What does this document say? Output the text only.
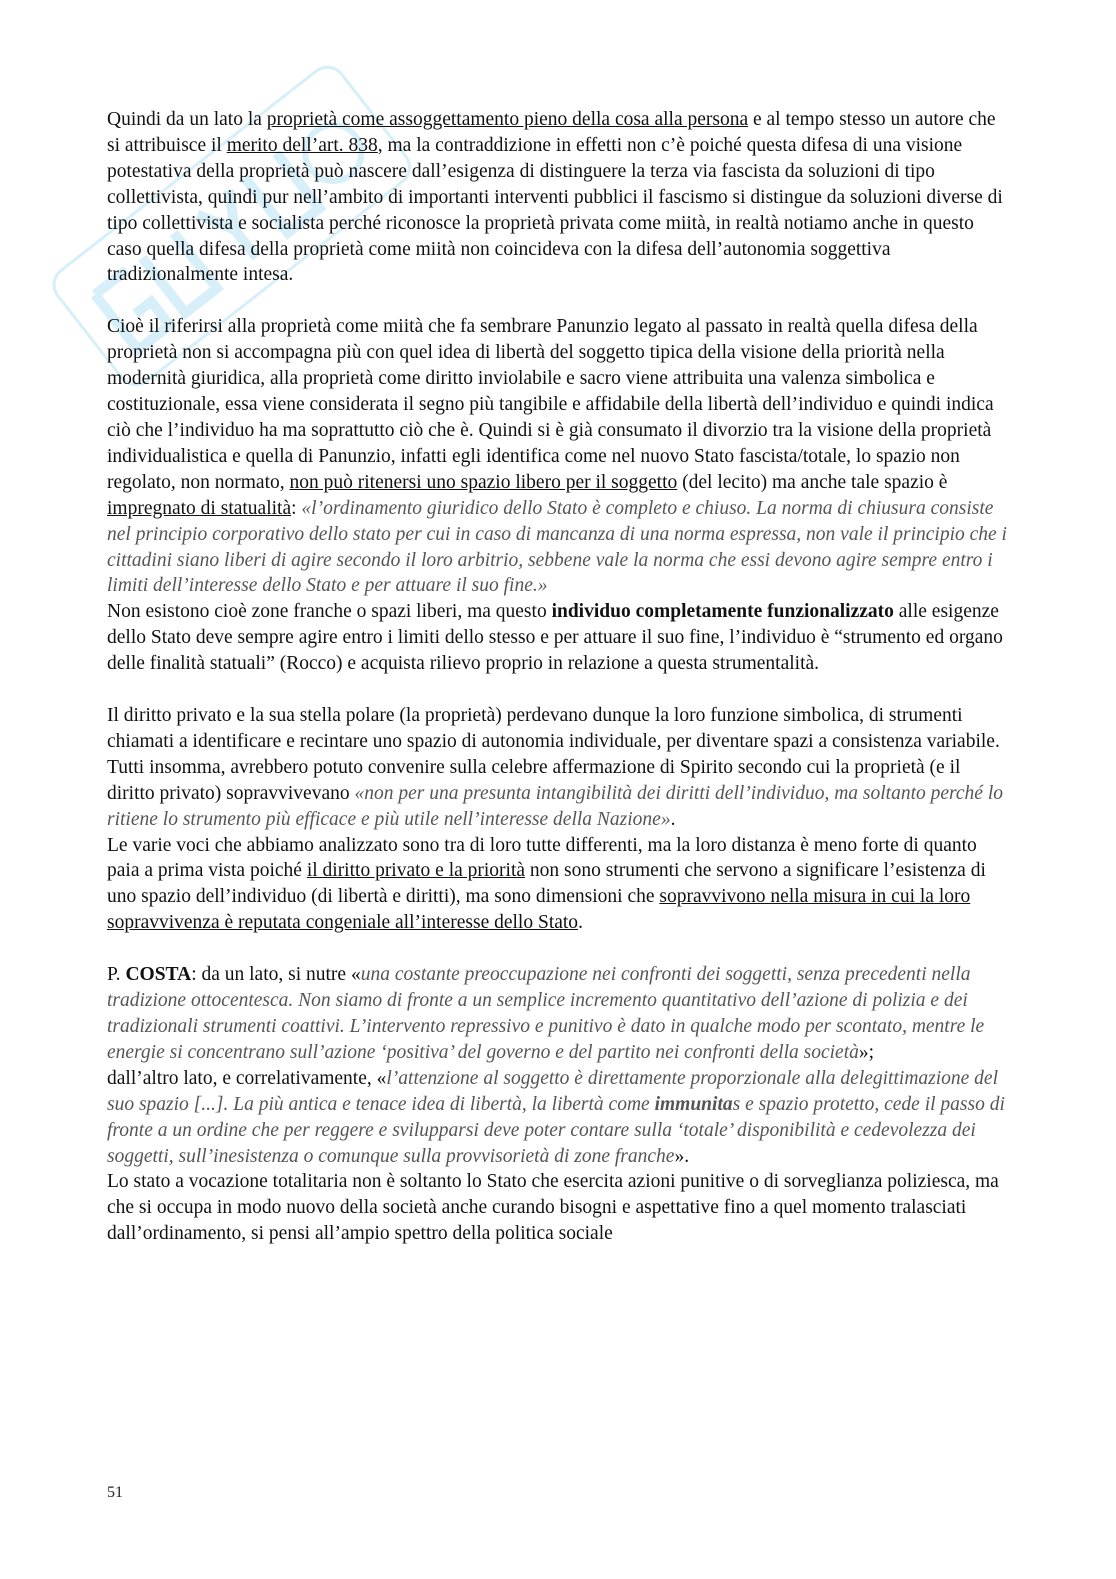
Quindi da un lato la proprietà come assoggettamento pieno della cosa alla persona e al tempo stesso un autore che si attribuisce il merito dell’art. 838, ma la contraddizione in effetti non c’è poiché questa difesa di una visione potestativa della proprietà può nascere dall’esigenza di distinguere la terza via fascista da soluzioni di tipo collettivista, quindi pur nell’ambito di importanti interventi pubblici il fascismo si distingue da soluzioni diverse di tipo collettivista e socialista perché riconosce la proprietà privata come miità, in realtà notiamo anche in questo caso quella difesa della proprietà come miità non coincideva con la difesa dell’autonomia soggettiva tradizionalmente intesa.

Cioè il riferirsi alla proprietà come miità che fa sembrare Panunzio legato al passato in realtà quella difesa della proprietà non si accompagna più con quel idea di libertà del soggetto tipica della visione della priorità nella modernità giuridica, alla proprietà come diritto inviolabile e sacro viene attribuita una valenza simbolica e costituzionale, essa viene considerata il segno più tangibile e affidabile della libertà dell’individuo e quindi indica ciò che l’individuo ha ma soprattutto ciò che è. Quindi si è già consumato il divorzio tra la visione della proprietà individualistica e quella di Panunzio, infatti egli identifica come nel nuovo Stato fascista/totale, lo spazio non regolato, non normato, non può ritenersi uno spazio libero per il soggetto (del lecito) ma anche tale spazio è impregnato di statualità: «l’ordinamento giuridico dello Stato è completo e chiuso. La norma di chiusura consiste nel principio corporativo dello stato per cui in caso di mancanza di una norma espressa, non vale il principio che i cittadini siano liberi di agire secondo il loro arbitrio, sebbene vale la norma che essi devono agire sempre entro i limiti dell’interesse dello Stato e per attuare il suo fine.»

Non esistono cioè zone franche o spazi liberi, ma questo individuo completamente funzionalizzato alle esigenze dello Stato deve sempre agire entro i limiti dello stesso e per attuare il suo fine, l’individuo è “strumento ed organo delle finalità statuali” (Rocco) e acquista rilievo proprio in relazione a questa strumentalità.

Il diritto privato e la sua stella polare (la proprietà) perdevano dunque la loro funzione simbolica, di strumenti chiamati a identificare e recintare uno spazio di autonomia individuale, per diventare spazi a consistenza variabile. Tutti insomma, avrebbero potuto convenire sulla celebre affermazione di Spirito secondo cui la proprietà (e il diritto privato) sopravvivevano «non per una presunta intangibilità dei diritti dell’individuo, ma soltanto perché lo ritiene lo strumento più efficace e più utile nell’interesse della Nazione».

Le varie voci che abbiamo analizzato sono tra di loro tutte differenti, ma la loro distanza è meno forte di quanto paia a prima vista poiché il diritto privato e la priorità non sono strumenti che servono a significare l’esistenza di uno spazio dell’individuo (di libertà e diritti), ma sono dimensioni che sopravvivono nella misura in cui la loro sopravvivenza è reputata congeniale all’interesse dello Stato.

P. COSTA: da un lato, si nutre «una costante preoccupazione nei confronti dei soggetti, senza precedenti nella tradizione ottocentesca. Non siamo di fronte a un semplice incremento quantitativo dell’azione di polizia e dei tradizionali strumenti coattivi. L’intervento repressivo e punitivo è dato in qualche modo per scontato, mentre le energie si concentrano sull’azione ‘positiva’ del governo e del partito nei confronti della società»;

dall’altro lato, e correlativamente, «l’attenzione al soggetto è direttamente proporzionale alla delegittimazione del suo spazio [...]. La più antica e tenace idea di libertà, la libertà come immunitas e spazio protetto, cede il passo di fronte a un ordine che per reggere e svilupparsi deve poter contare sulla ‘totale’ disponibilità e cedevolezza dei soggetti, sull’inesistenza o comunque sulla provvisorietà di zone franche».

Lo stato a vocazione totalitaria non è soltanto lo Stato che esercita azioni punitive o di sorveglianza poliziesca, ma che si occupa in modo nuovo della società anche curando bisogni e aspettative fino a quel momento tralasciati dall’ordinamento, si pensi all’ampio spettro della politica sociale

51
